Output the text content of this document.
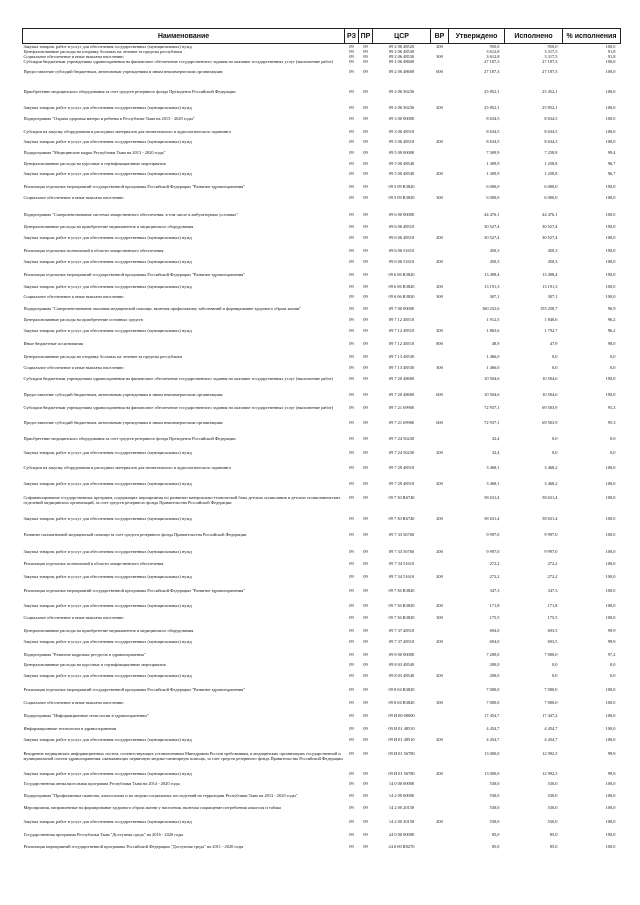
Наименование	РЗ	ПР	ЦСР	ВР	Утверждено	Исполнено	% исполнения
Закупка товаров, работ и услуг для обеспечения государственных (муниципальных) нужд	09	09	09 2 06 48520	200	950,0	950,0	100,0
Централизованные расходы на отправку больных на лечение за пределы республики	09	09	09 2 06 48530		3 612,8	3 317,5	91,8
Социальное обеспечение и иные выплаты населению	09	09	09 2 06 48530	300	3 612,8	3 317,5	91,8
Субсидии бюджетным учреждениям здравоохранения на финансовое обеспечение государственного задания на оказание государственных услуг (выполнение работ)	09	09	09 2 06 48600		27 187,3	27 187,3	100,0
Предоставление субсидий бюджетным, автономным учреждениям и иным некоммерческим организациям	09	09	09 2 06 48600	600	27 187,3	27 187,3	100,0
Приобретение медицинского оборудования за счет средств резервного фонда Президента Российской Федерации	09	09	09 2 06 56230		25 852,1	25 452,1	100,0
Закупка товаров, работ и услуг для обеспечения государственных (муниципальных) нужд	09	09	09 2 06 56230	200	25 852,1	25 852,1	100,0
Подпрограмма "Охрана здоровья матери и ребенка в Республике Тыва на 2013 - 2020 годы"	09	09	09 3 00 00000		8 634,5	8 634,5	100,0
Субсидии на закупку оборудования и расходных материалов для неонатального и аудиологического скрининга	09	09	09 3 06 48510		8 634,5	8 634,5	100,0
Закупка товаров, работ и услуг для обеспечения государственных (муниципальных) нужд	09	09	09 3 06 48510	200	8 634,5	8 634,5	100,0
Подпрограмма "Медицинские кадры Республики Тыва на 2013 - 2020 годы"	09	09	09 5 00 00000		7 309,9	7 258,8	99,4
Централизованные расходы на курсовые и сертификационные мероприятия	09	09	09 5 00 48540		1 309,9	1 258,8	96,7
Закупка товаров, работ и услуг для обеспечения государственных (муниципальных) нужд	09	09	09 5 00 48540	200	1 309,9	1 258,8	96,7
Реализация отдельных мероприятий государственной программы Российской Федерации "Развитие здравоохранения"	09	09	09 5 09 R3820		6 000,0	6 000,0	100,0
Социальное обеспечение и иные выплаты населению	09	09	09 5 09 R3820	300	6 000,0	6 000,0	100,0
Подпрограмма "Совершенствование системы лекарственного обеспечения, в том числе в амбулаторных условиях"	09	09	09 6 00 00000		44 476,1	44 476,1	100,0
Централизованные расходы на приобретение медикаментов и медицинского оборудования	09	09	09 6 06 48510		30 527,4	30 527,4	100,0
Закупка товаров, работ и услуг для обеспечения государственных (муниципальных) нужд	09	09	09 6 06 48510	200	30 527,4	30 527,4	100,0
Реализация отдельных полномочий в области лекарственного обеспечения	09	09	09 6 06 51610		450,3	450,3	100,0
Закупка товаров, работ и услуг для обеспечения государственных (муниципальных) нужд	09	09	09 6 06 51610	200	450,3	450,3	100,0
Реализация отдельных мероприятий государственной программы Российской Федерации "Развитие здравоохранения"	09	09	09 6 06 R3820		13 498,4	13 498,4	100,0
Закупка товаров, работ и услуг для обеспечения государственных (муниципальных) нужд	09	09	09 6 06 R3820	200	13 191,3	13 191,3	100,0
Социальное обеспечение и иные выплаты населению	09	09	09 6 06 R3820	300	307,1	307,1	100,0
Подпрограмма "Совершенствование оказания медицинской помощи, включая профилактику заболеваний и формирование здорового образа жизни"	09	09	09 7 00 00000		160 252,6	155 258,7	96,9
Централизованные расходы на приобретение основных средств	09	09	09 7 12 48510		1 912,5	1 840,6	96,2
Закупка товаров, работ и услуг для обеспечения государственных (муниципальных) нужд	09	09	09 7 12 48510	200	1 863,6	1 792,7	96,2
Иные бюджетные ассигнования	09	09	09 7 12 48510	800	48,9	47,9	98,0
Централизованные расходы на отправку больных на лечение за пределы республики	09	09	09 7 13 48530		1 466,0	0,0	0,0
Социальное обеспечение и иные выплаты населению	09	09	09 7 13 48530	300	1 466,0	0,0	0,0
Субсидии бюджетным учреждениям здравоохранения на финансовое обеспечение государственного задания на оказание государственных услуг (выполнение работ)	09	09	09 7 20 48600		10 504,6	10 504,6	100,0
Предоставление субсидий бюджетным, автономным учреждениям и иным некоммерческим организациям	09	09	09 7 20 48600	600	10 504,6	10 504,6	100,0
Субсидии бюджетным учреждениям здравоохранения на финансовое обеспечение государственного задания на оказание государственных услуг (выполнение работ)	09	09	09 7 21 69900		72 937,1	69 503,9	95,3
Предоставление субсидий бюджетным, автономным учреждениям и иным некоммерческим организациям	09	09	09 7 21 69900	600	72 937,1	69 503,9	95,3
Приобретение медицинского оборудования за счет средств резервного фонда Президента Российской Федерации	09	09	09 7 24 56230		32,4	0,0	0,0
Закупка товаров, работ и услуг для обеспечения государственных (муниципальных) нужд	09	09	09 7 24 56230	200	32,4	0,0	0,0
Субсидии на закупку оборудования и расходных материалов для неонатального и аудиологического скрининга	09	09	09 7 29 48510		3 468,1	3 468,2	100,0
Закупка товаров, работ и услуг для обеспечения государственных (муниципальных) нужд	09	09	09 7 29 48510	200	3 468,1	3 468,2	100,0
Софинансирование государственных программ, содержащих мероприятия по развитию материально-технической базы детских поликлиник и детских поликлинических отделений медицинских организаций, за счет средств резервного фонда Правительства Российской Федерации	09	09	09 7 30 R6740		58 631,4	58 631,4	100,0
Закупка товаров, работ и услуг для обеспечения государственных (муниципальных) нужд	09	09	09 7 30 R6740	200	58 631,4	58 631,4	100,0
Развитие паллиативной медицинской помощи за счет средств резервного фонда Правительства Российской Федерации	09	09	09 7 33 56760		9 997,0	9 997,0	100,0
Закупка товаров, работ и услуг для обеспечения государственных (муниципальных) нужд	09	09	09 7 33 56760	200	9 997,0	9 997,0	100,0
Реализация отдельных полномочий в области лекарственного обеспечения	09	09	09 7 34 51610		272,2	272,2	100,0
Закупка товаров, работ и услуг для обеспечения государственных (муниципальных) нужд	09	09	09 7 34 51610	200	272,2	272,2	100,0
Реализация отдельных мероприятий государственной программы Российской Федерации "Развитие здравоохранения"	09	09	09 7 36 R3820		347,3	347,3	100,0
Закупка товаров, работ и услуг для обеспечения государственных (муниципальных) нужд	09	09	09 7 36 R3820	200	171,8	171,8	100,0
Социальное обеспечение и иные выплаты населению	09	09	09 7 36 R3820	300	175,5	175,5	100,0
Централизованные расходы на приобретение медикаментов и медицинского оборудования	09	09	09 7 37 48510		694,0	693,5	99,9
Закупка товаров, работ и услуг для обеспечения государственных (муниципальных) нужд	09	09	09 7 37 48510	200	694,0	693,5	99,9
Подпрограмма "Развитие кадровых ресурсов в здравоохранении"	09	09	09 8 00 00000		7 200,0	7 000,0	97,2
Централизованные расходы на курсовые и сертификационные мероприятия	09	09	09 8 03 48540		200,0	0,0	0,0
Закупка товаров, работ и услуг для обеспечения государственных (муниципальных) нужд	09	09	09 8 03 48540	200	200,0	0,0	0,0
Реализация отдельных мероприятий государственной программы Российской Федерации "Развитие здравоохранения"	09	09	09 8 04 R3820		7 000,0	7 000,0	100,0
Социальное обеспечение и иные выплаты населению	09	09	09 8 04 R3820	300	7 000,0	7 000,0	100,0
Подпрограмма "Информационные технологии в здравоохранении"	09	09	09 И 00 00000		17 454,7	17 447,2	100,0
Информационные технологии в здравоохранении	09	09	09 И 01 48510		4 454,7	4 454,7	100,0
Закупка товаров, работ и услуг для обеспечения государственных (муниципальных) нужд	09	09	09 И 01 48510	200	4 454,7	4 454,7	100,0
Внедрение медицинских информационных систем, соответствующих установленным Минздравом России требованиям, в медицинских организациях государственной и муниципальной систем здравоохранения, оказывающих первичную медико-санитарную помощь, за счет средств резервного фонда Правительства Российской Федерации	09	09	09 И 01 56780		13 000,0	12 992,5	99,9
Закупка товаров, работ и услуг для обеспечения государственных (муниципальных) нужд	09	09	09 И 01 56780	200	13 000,0	12 992,5	99,9
Государственная антиалкогольная программа Республики Тыва на 2014 - 2020 годы	09	09	14 0 00 00000		530,0	530,0	100,0
Подпрограмма "Профилактика пьянства, алкоголизма и их медико-социальных последствий на территории Республики Тыва на 2013 - 2020 годы"	09	09	14 2 00 00000		530,0	530,0	100,0
Мероприятия, направленные на формирование здорового образа жизни у населения, включая сокращение потребления алкоголя и табака	09	09	14 2 00 20150		530,0	530,0	100,0
Закупка товаров, работ и услуг для обеспечения государственных (муниципальных) нужд	09	09	14 2 00 20150	200	530,0	530,0	100,0
Государственная программа Республики Тыва "Доступная среда" на 2016 - 2020 годы	09	09	24 0 00 00000		85,0	85,0	100,0
Реализация мероприятий государственной программы Российской Федерации "Доступная среда" на 2011 - 2020 годы	09	09	24 0 00 R0270		85,0	85,0	100,0
